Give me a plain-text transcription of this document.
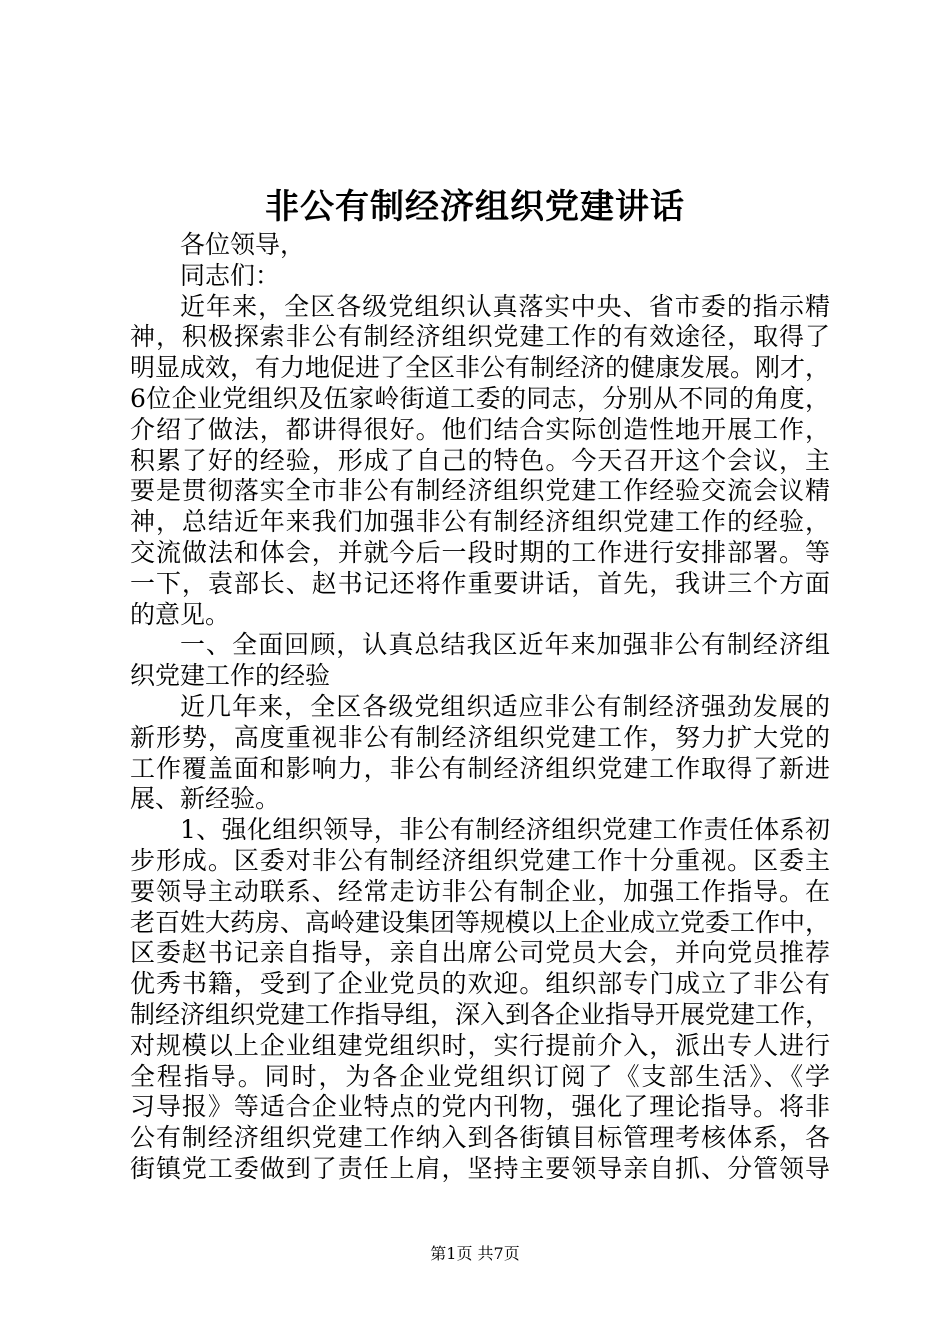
非公有制经济组织党建讲话
各位领导，
同志们：
近年来，全区各级党组织认真落实中央、省市委的指示精
神，积极探索非公有制经济组织党建工作的有效途径，取得了
明显成效，有力地促进了全区非公有制经济的健康发展。刚才，
6位企业党组织及伍家岭街道工委的同志，分别从不同的角度，
介绍了做法，都讲得很好。他们结合实际创造性地开展工作，
积累了好的经验，形成了自己的特色。今天召开这个会议，主
要是贯彻落实全市非公有制经济组织党建工作经验交流会议精
神，总结近年来我们加强非公有制经济组织党建工作的经验，
交流做法和体会，并就今后一段时期的工作进行安排部署。等
一下，袁部长、赵书记还将作重要讲话，首先，我讲三个方面
的意见。
一、全面回顾，认真总结我区近年来加强非公有制经济组
织党建工作的经验
近几年来，全区各级党组织适应非公有制经济强劲发展的
新形势，高度重视非公有制经济组织党建工作，努力扩大党的
工作覆盖面和影响力，非公有制经济组织党建工作取得了新进
展、新经验。
1、强化组织领导，非公有制经济组织党建工作责任体系初
步形成。区委对非公有制经济组织党建工作十分重视。区委主
要领导主动联系、经常走访非公有制企业，加强工作指导。在
老百姓大药房、高岭建设集团等规模以上企业成立党委工作中，
区委赵书记亲自指导，亲自出席公司党员大会，并向党员推荐
优秀书籍，受到了企业党员的欢迎。组织部专门成立了非公有
制经济组织党建工作指导组，深入到各企业指导开展党建工作，
对规模以上企业组建党组织时，实行提前介入，派出专人进行
全程指导。同时，为各企业党组织订阅了《支部生活》、《学
习导报》等适合企业特点的党内刊物，强化了理论指导。将非
公有制经济组织党建工作纳入到各街镇目标管理考核体系，各
街镇党工委做到了责任上肩，坚持主要领导亲自抓、分管领导
第1页 共7页
